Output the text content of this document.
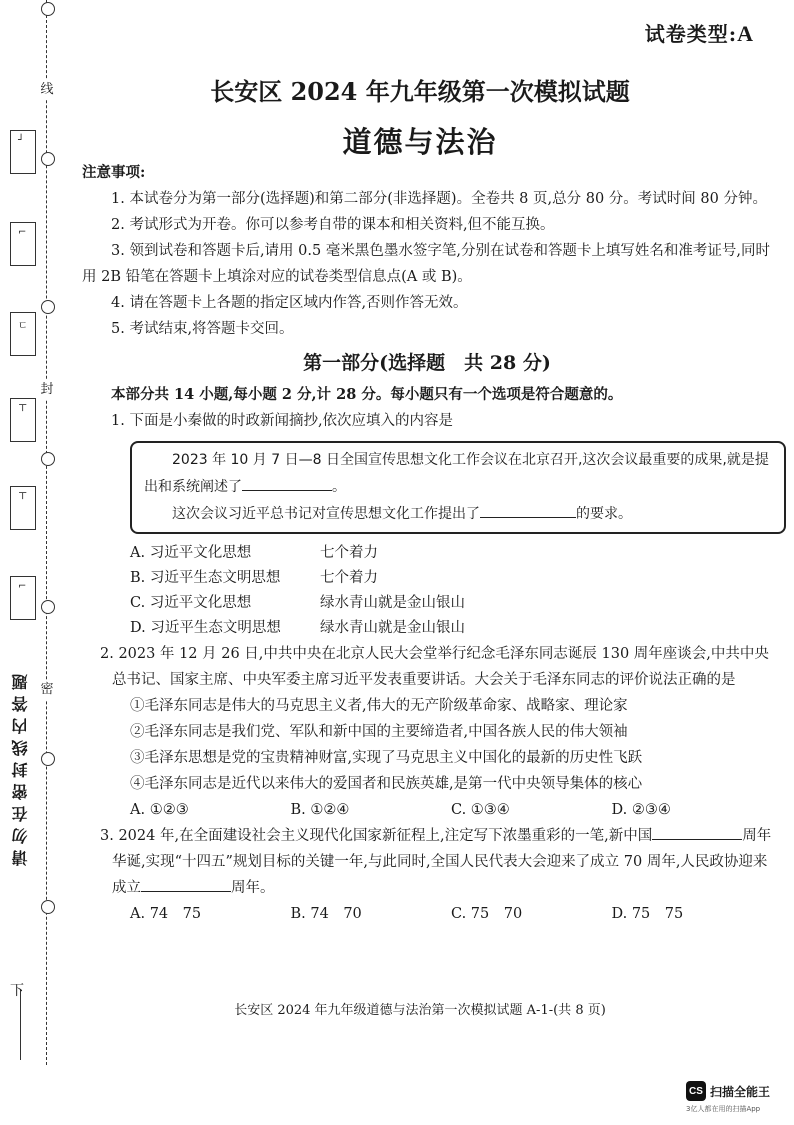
线
封
密
┘
⌐
ㄷ
⊤
⊤
⌐
请勿在密封线内答题
下
试卷类型:A
长安区 2024 年九年级第一次模拟试题
道德与法治
注意事项:

1. 本试卷分为第一部分(选择题)和第二部分(非选择题)。全卷共 8 页,总分 80 分。考试时间 80 分钟。

2. 考试形式为开卷。你可以参考自带的课本和相关资料,但不能互换。

3. 领到试卷和答题卡后,请用 0.5 毫米黑色墨水签字笔,分别在试卷和答题卡上填写姓名和准考证号,同时用 2B 铅笔在答题卡上填涂对应的试卷类型信息点(A 或 B)。

4. 请在答题卡上各题的指定区域内作答,否则作答无效。

5. 考试结束,将答题卡交回。

第一部分(选择题　共 28 分)

本部分共 14 小题,每小题 2 分,计 28 分。每小题只有一个选项是符合题意的。

1. 下面是小秦做的时政新闻摘抄,依次应填入的内容是

2023 年 10 月 7 日—8 日全国宣传思想文化工作会议在北京召开,这次会议最重要的成果,就是提出和系统阐述了	。
这次会议习近平总书记对宣传思想文化工作提出了	的要求。
A. 习近平文化思想	七个着力
B. 习近平生态文明思想	七个着力
C. 习近平文化思想	绿水青山就是金山银山
D. 习近平生态文明思想	绿水青山就是金山银山

2. 2023 年 12 月 26 日,中共中央在北京人民大会堂举行纪念毛泽东同志诞辰 130 周年座谈会,中共中央总书记、国家主席、中央军委主席习近平发表重要讲话。大会关于毛泽东同志的评价说法正确的是

①毛泽东同志是伟大的马克思主义者,伟大的无产阶级革命家、战略家、理论家
②毛泽东同志是我们党、军队和新中国的主要缔造者,中国各族人民的伟大领袖
③毛泽东思想是党的宝贵精神财富,实现了马克思主义中国化的最新的历史性飞跃
④毛泽东同志是近代以来伟大的爱国者和民族英雄,是第一代中央领导集体的核心
A. ①②③	B. ①②④	C. ①③④	D. ②③④

3. 2024 年,在全面建设社会主义现代化国家新征程上,注定写下浓墨重彩的一笔,新中国	周年华诞,实现“十四五”规划目标的关键一年,与此同时,全国人民代表大会迎来了成立 70 周年,人民政协迎来成立	周年。

A. 74　75	B. 74　70	C. 75　70	D. 75　75
长安区 2024 年九年级道德与法治第一次模拟试题 A-1-(共 8 页)
CS 扫描全能王
3亿人都在用的扫描App
